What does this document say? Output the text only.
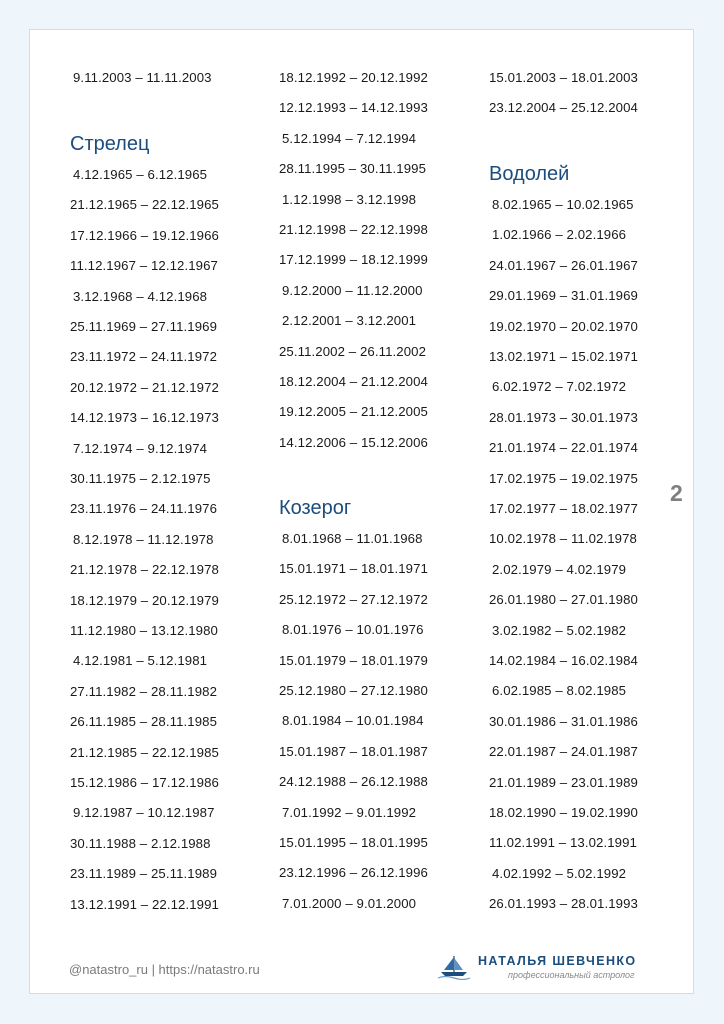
9.11.2003 – 11.11.2003
Стрелец
4.12.1965 – 6.12.1965
21.12.1965 – 22.12.1965
17.12.1966 – 19.12.1966
11.12.1967 – 12.12.1967
3.12.1968 – 4.12.1968
25.11.1969 – 27.11.1969
23.11.1972 – 24.11.1972
20.12.1972 – 21.12.1972
14.12.1973 – 16.12.1973
7.12.1974 – 9.12.1974
30.11.1975 – 2.12.1975
23.11.1976 – 24.11.1976
8.12.1978 – 11.12.1978
21.12.1978 – 22.12.1978
18.12.1979 – 20.12.1979
11.12.1980 – 13.12.1980
4.12.1981 – 5.12.1981
27.11.1982 – 28.11.1982
26.11.1985 – 28.11.1985
21.12.1985 – 22.12.1985
15.12.1986 – 17.12.1986
9.12.1987 – 10.12.1987
30.11.1988 – 2.12.1988
23.11.1989 – 25.11.1989
13.12.1991 – 22.12.1991
18.12.1992 – 20.12.1992
12.12.1993 – 14.12.1993
5.12.1994 – 7.12.1994
28.11.1995 – 30.11.1995
1.12.1998 – 3.12.1998
21.12.1998 – 22.12.1998
17.12.1999 – 18.12.1999
9.12.2000 – 11.12.2000
2.12.2001 – 3.12.2001
25.11.2002 – 26.11.2002
18.12.2004 – 21.12.2004
19.12.2005 – 21.12.2005
14.12.2006 – 15.12.2006
Козерог
8.01.1968 – 11.01.1968
15.01.1971 – 18.01.1971
25.12.1972 – 27.12.1972
8.01.1976 – 10.01.1976
15.01.1979 – 18.01.1979
25.12.1980 – 27.12.1980
8.01.1984 – 10.01.1984
15.01.1987 – 18.01.1987
24.12.1988 – 26.12.1988
7.01.1992 – 9.01.1992
15.01.1995 – 18.01.1995
23.12.1996 – 26.12.1996
7.01.2000 – 9.01.2000
15.01.2003 – 18.01.2003
23.12.2004 – 25.12.2004
Водолей
8.02.1965 – 10.02.1965
1.02.1966 – 2.02.1966
24.01.1967 – 26.01.1967
29.01.1969 – 31.01.1969
19.02.1970 – 20.02.1970
13.02.1971 – 15.02.1971
6.02.1972 – 7.02.1972
28.01.1973 – 30.01.1973
21.01.1974 – 22.01.1974
17.02.1975 – 19.02.1975
17.02.1977 – 18.02.1977
10.02.1978 – 11.02.1978
2.02.1979 – 4.02.1979
26.01.1980 – 27.01.1980
3.02.1982 – 5.02.1982
14.02.1984 – 16.02.1984
6.02.1985 – 8.02.1985
30.01.1986 – 31.01.1986
22.01.1987 – 24.01.1987
21.01.1989 – 23.01.1989
18.02.1990 – 19.02.1990
11.02.1991 – 13.02.1991
4.02.1992 – 5.02.1992
26.01.1993 – 28.01.1993
2
@natastro_ru | https://natastro.ru
НАТАЛЬЯ ШЕВЧЕНКО
профессиональный астролог
